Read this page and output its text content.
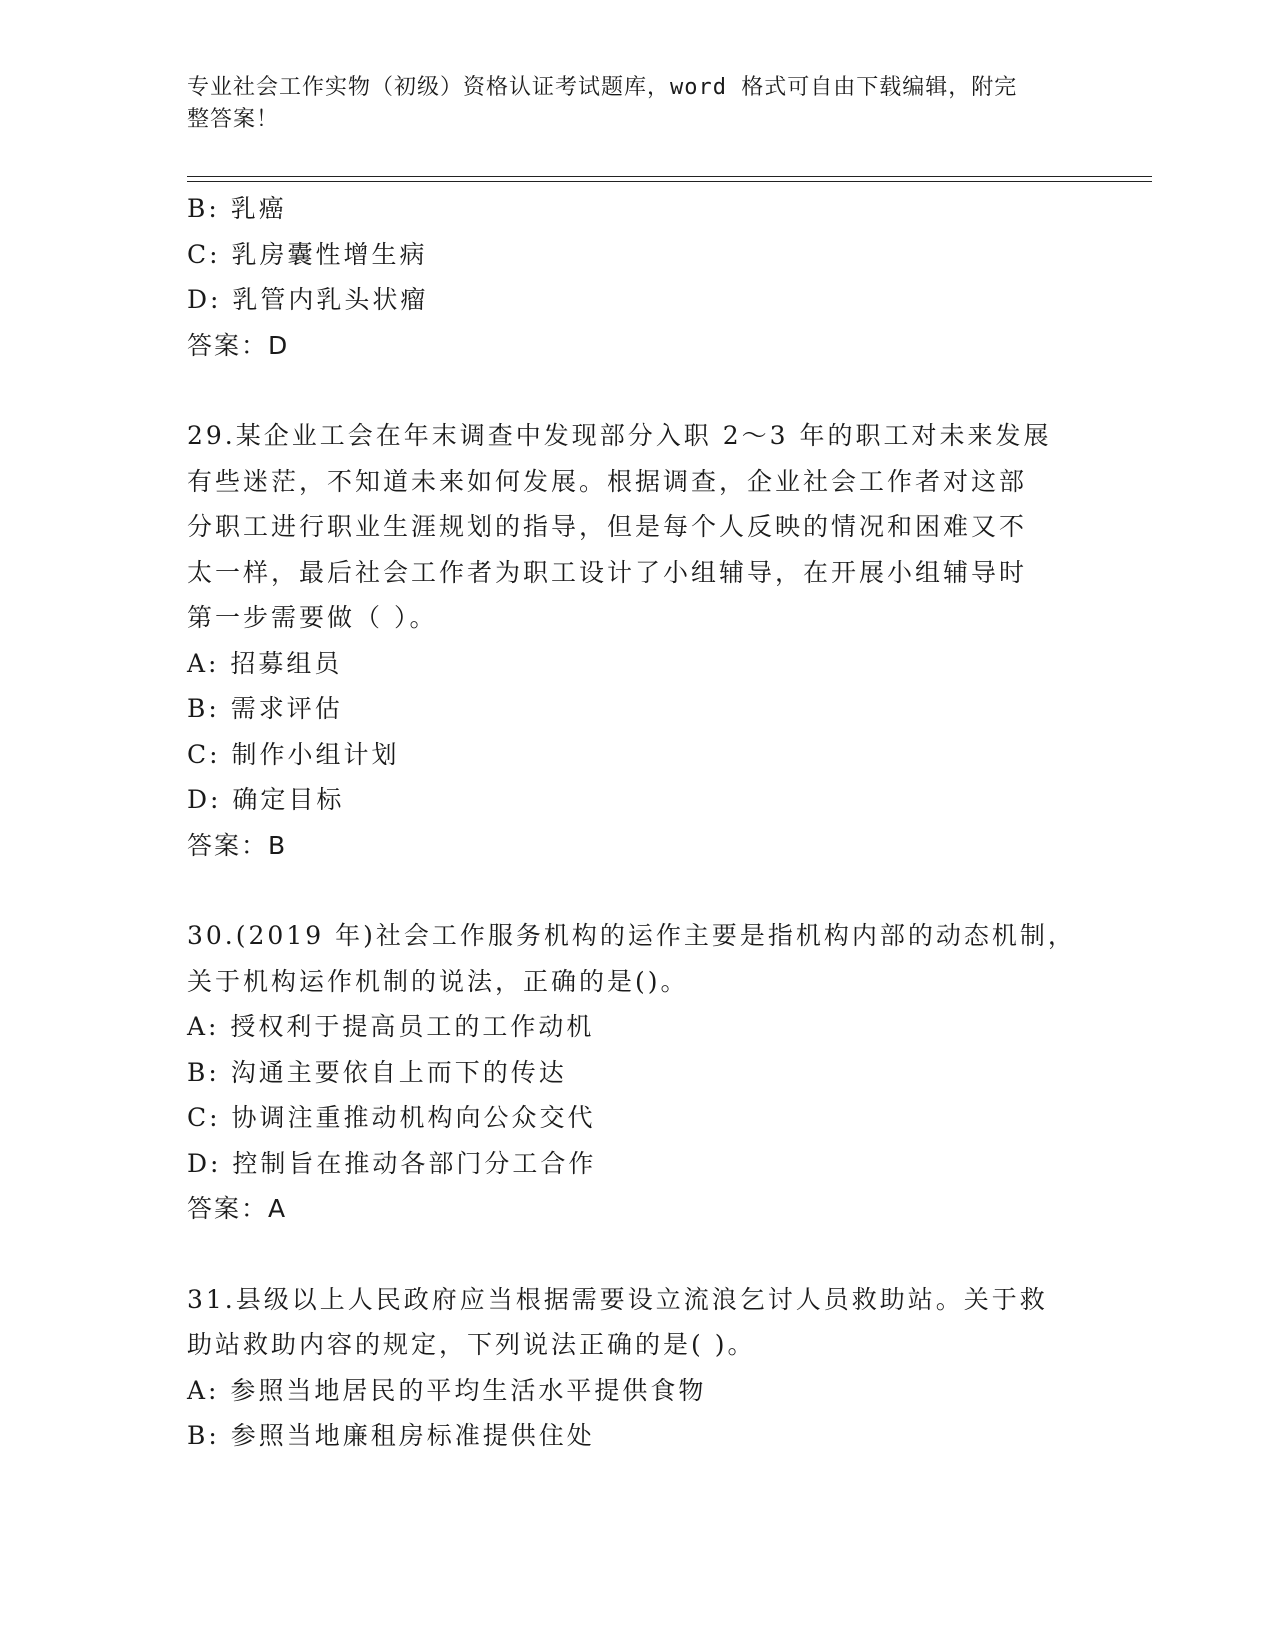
专业社会工作实物（初级）资格认证考试题库，word 格式可自由下载编辑，附完
整答案！
B: 乳癌
C: 乳房囊性增生病
D: 乳管内乳头状瘤
答案：D
29.某企业工会在年末调查中发现部分入职 2～3 年的职工对未来发展
有些迷茫，不知道未来如何发展。根据调查，企业社会工作者对这部
分职工进行职业生涯规划的指导，但是每个人反映的情况和困难又不
太一样，最后社会工作者为职工设计了小组辅导，在开展小组辅导时
第一步需要做（ ）。
A: 招募组员
B: 需求评估
C: 制作小组计划
D: 确定目标
答案：B
30.(2019 年)社会工作服务机构的运作主要是指机构内部的动态机制，
关于机构运作机制的说法，正确的是()。
A: 授权利于提高员工的工作动机
B: 沟通主要依自上而下的传达
C: 协调注重推动机构向公众交代
D: 控制旨在推动各部门分工合作
答案：A
31.县级以上人民政府应当根据需要设立流浪乞讨人员救助站。关于救
助站救助内容的规定，下列说法正确的是( )。
A: 参照当地居民的平均生活水平提供食物
B: 参照当地廉租房标准提供住处
